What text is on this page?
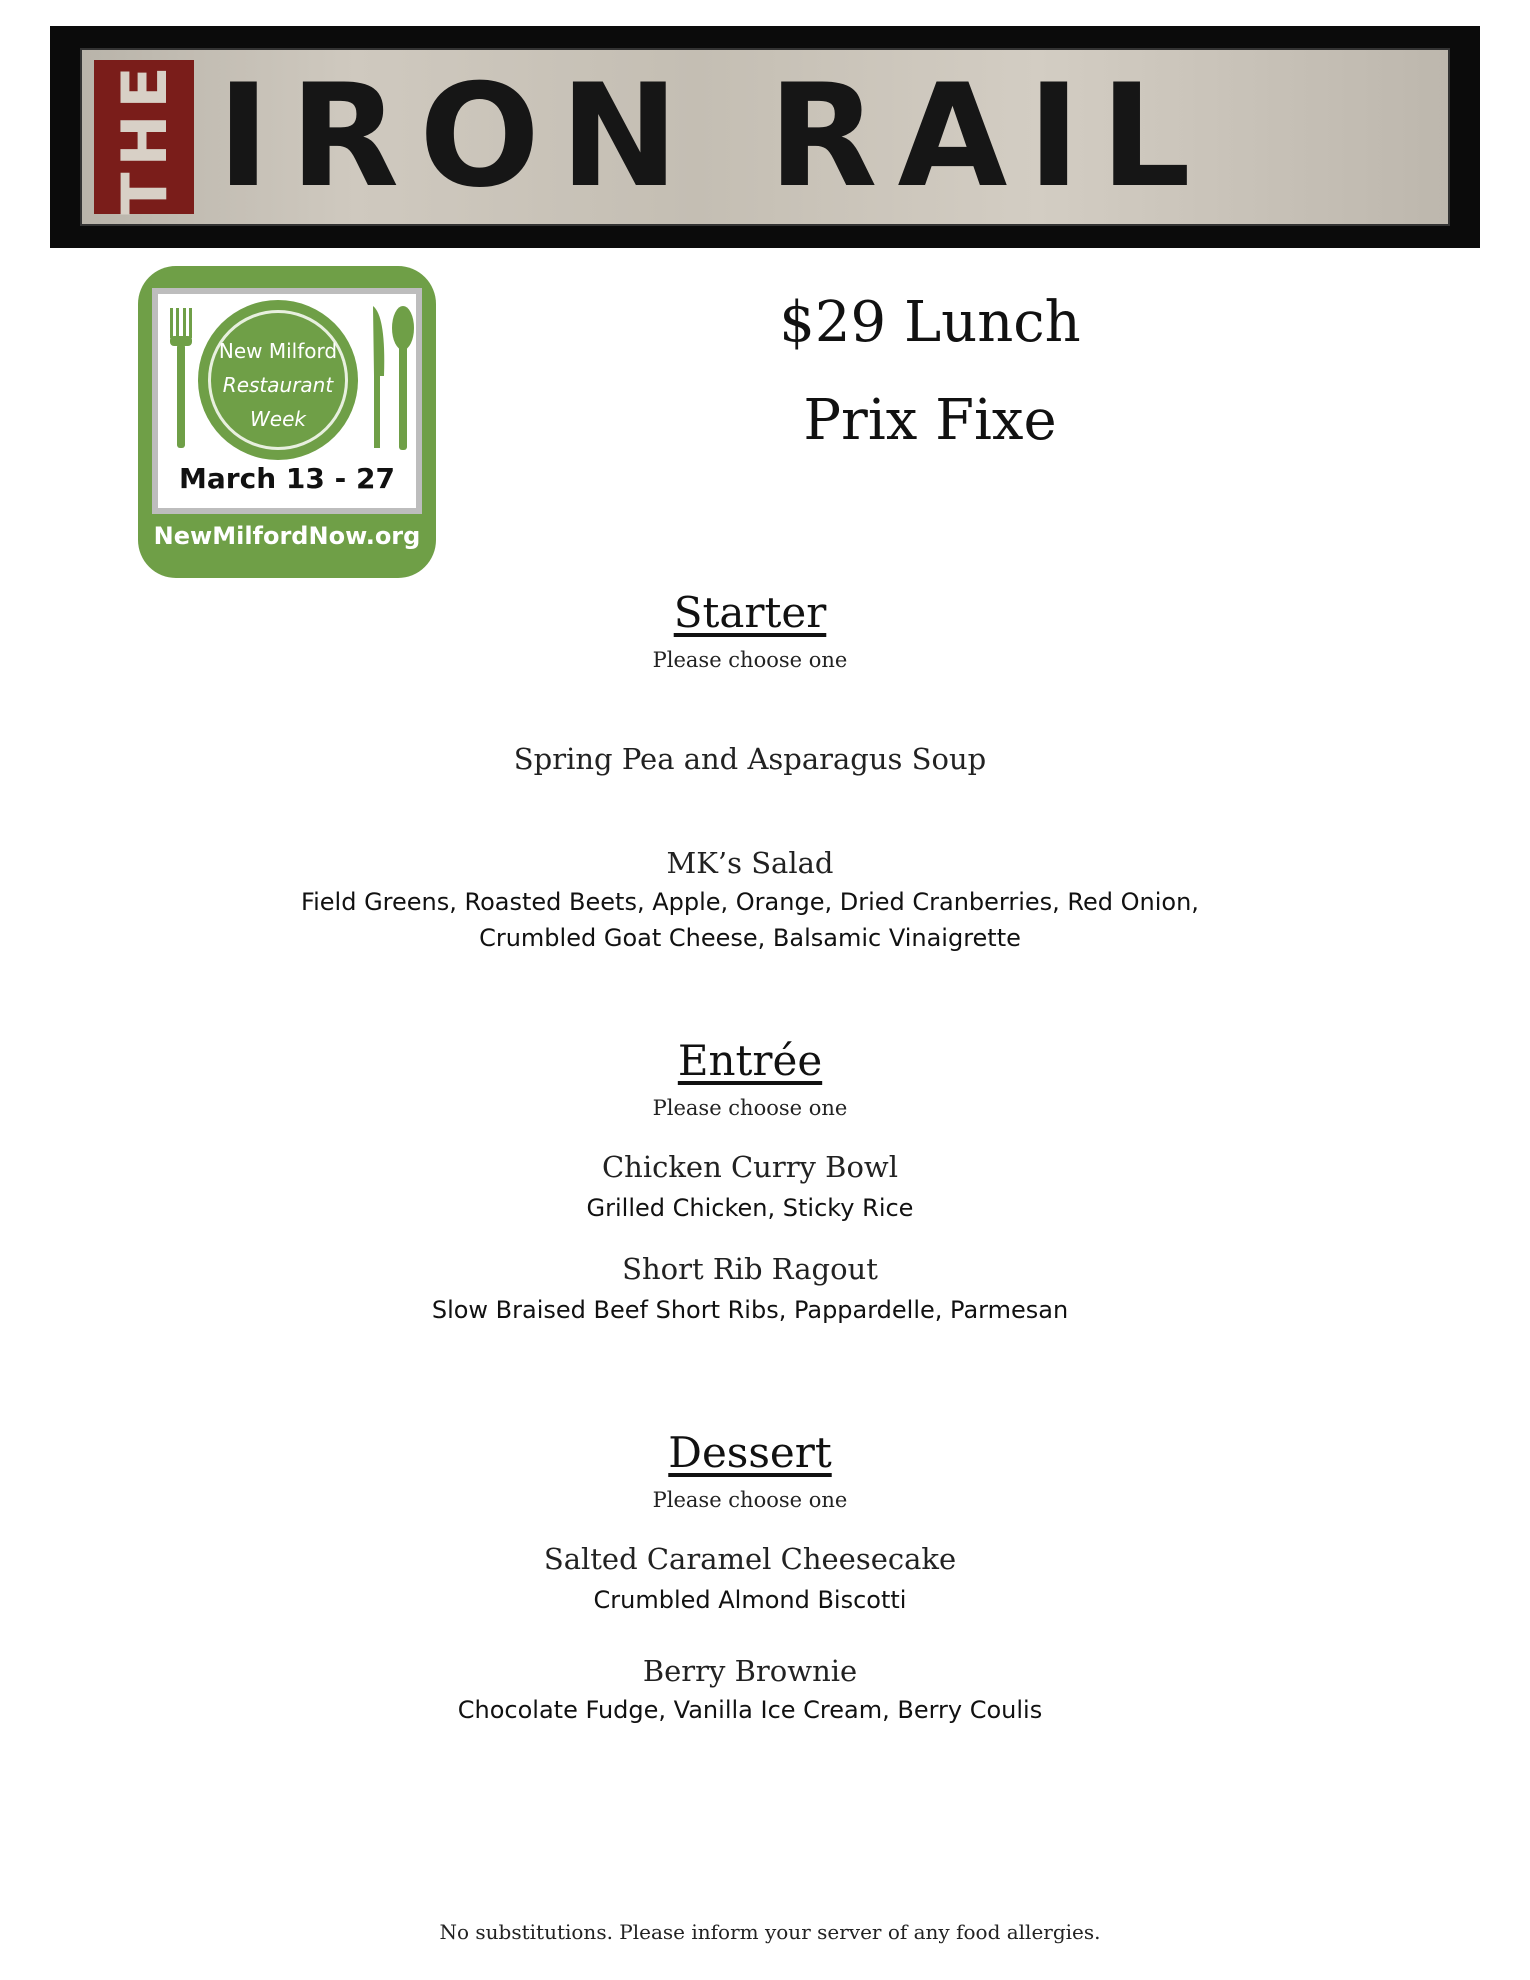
THE IRON RAIL
New Milford
Restaurant
Week
March 13 - 27
NewMilfordNow.org
$29 Lunch
Prix Fixe
Starter
Please choose one
Spring Pea and Asparagus Soup
MK’s Salad
Field Greens, Roasted Beets, Apple, Orange, Dried Cranberries, Red Onion,
Crumbled Goat Cheese, Balsamic Vinaigrette
Entrée
Please choose one
Chicken Curry Bowl
Grilled Chicken, Sticky Rice
Short Rib Ragout
Slow Braised Beef Short Ribs, Pappardelle, Parmesan
Dessert
Please choose one
Salted Caramel Cheesecake
Crumbled Almond Biscotti
Berry Brownie
Chocolate Fudge, Vanilla Ice Cream, Berry Coulis
No substitutions. Please inform your server of any food allergies.
